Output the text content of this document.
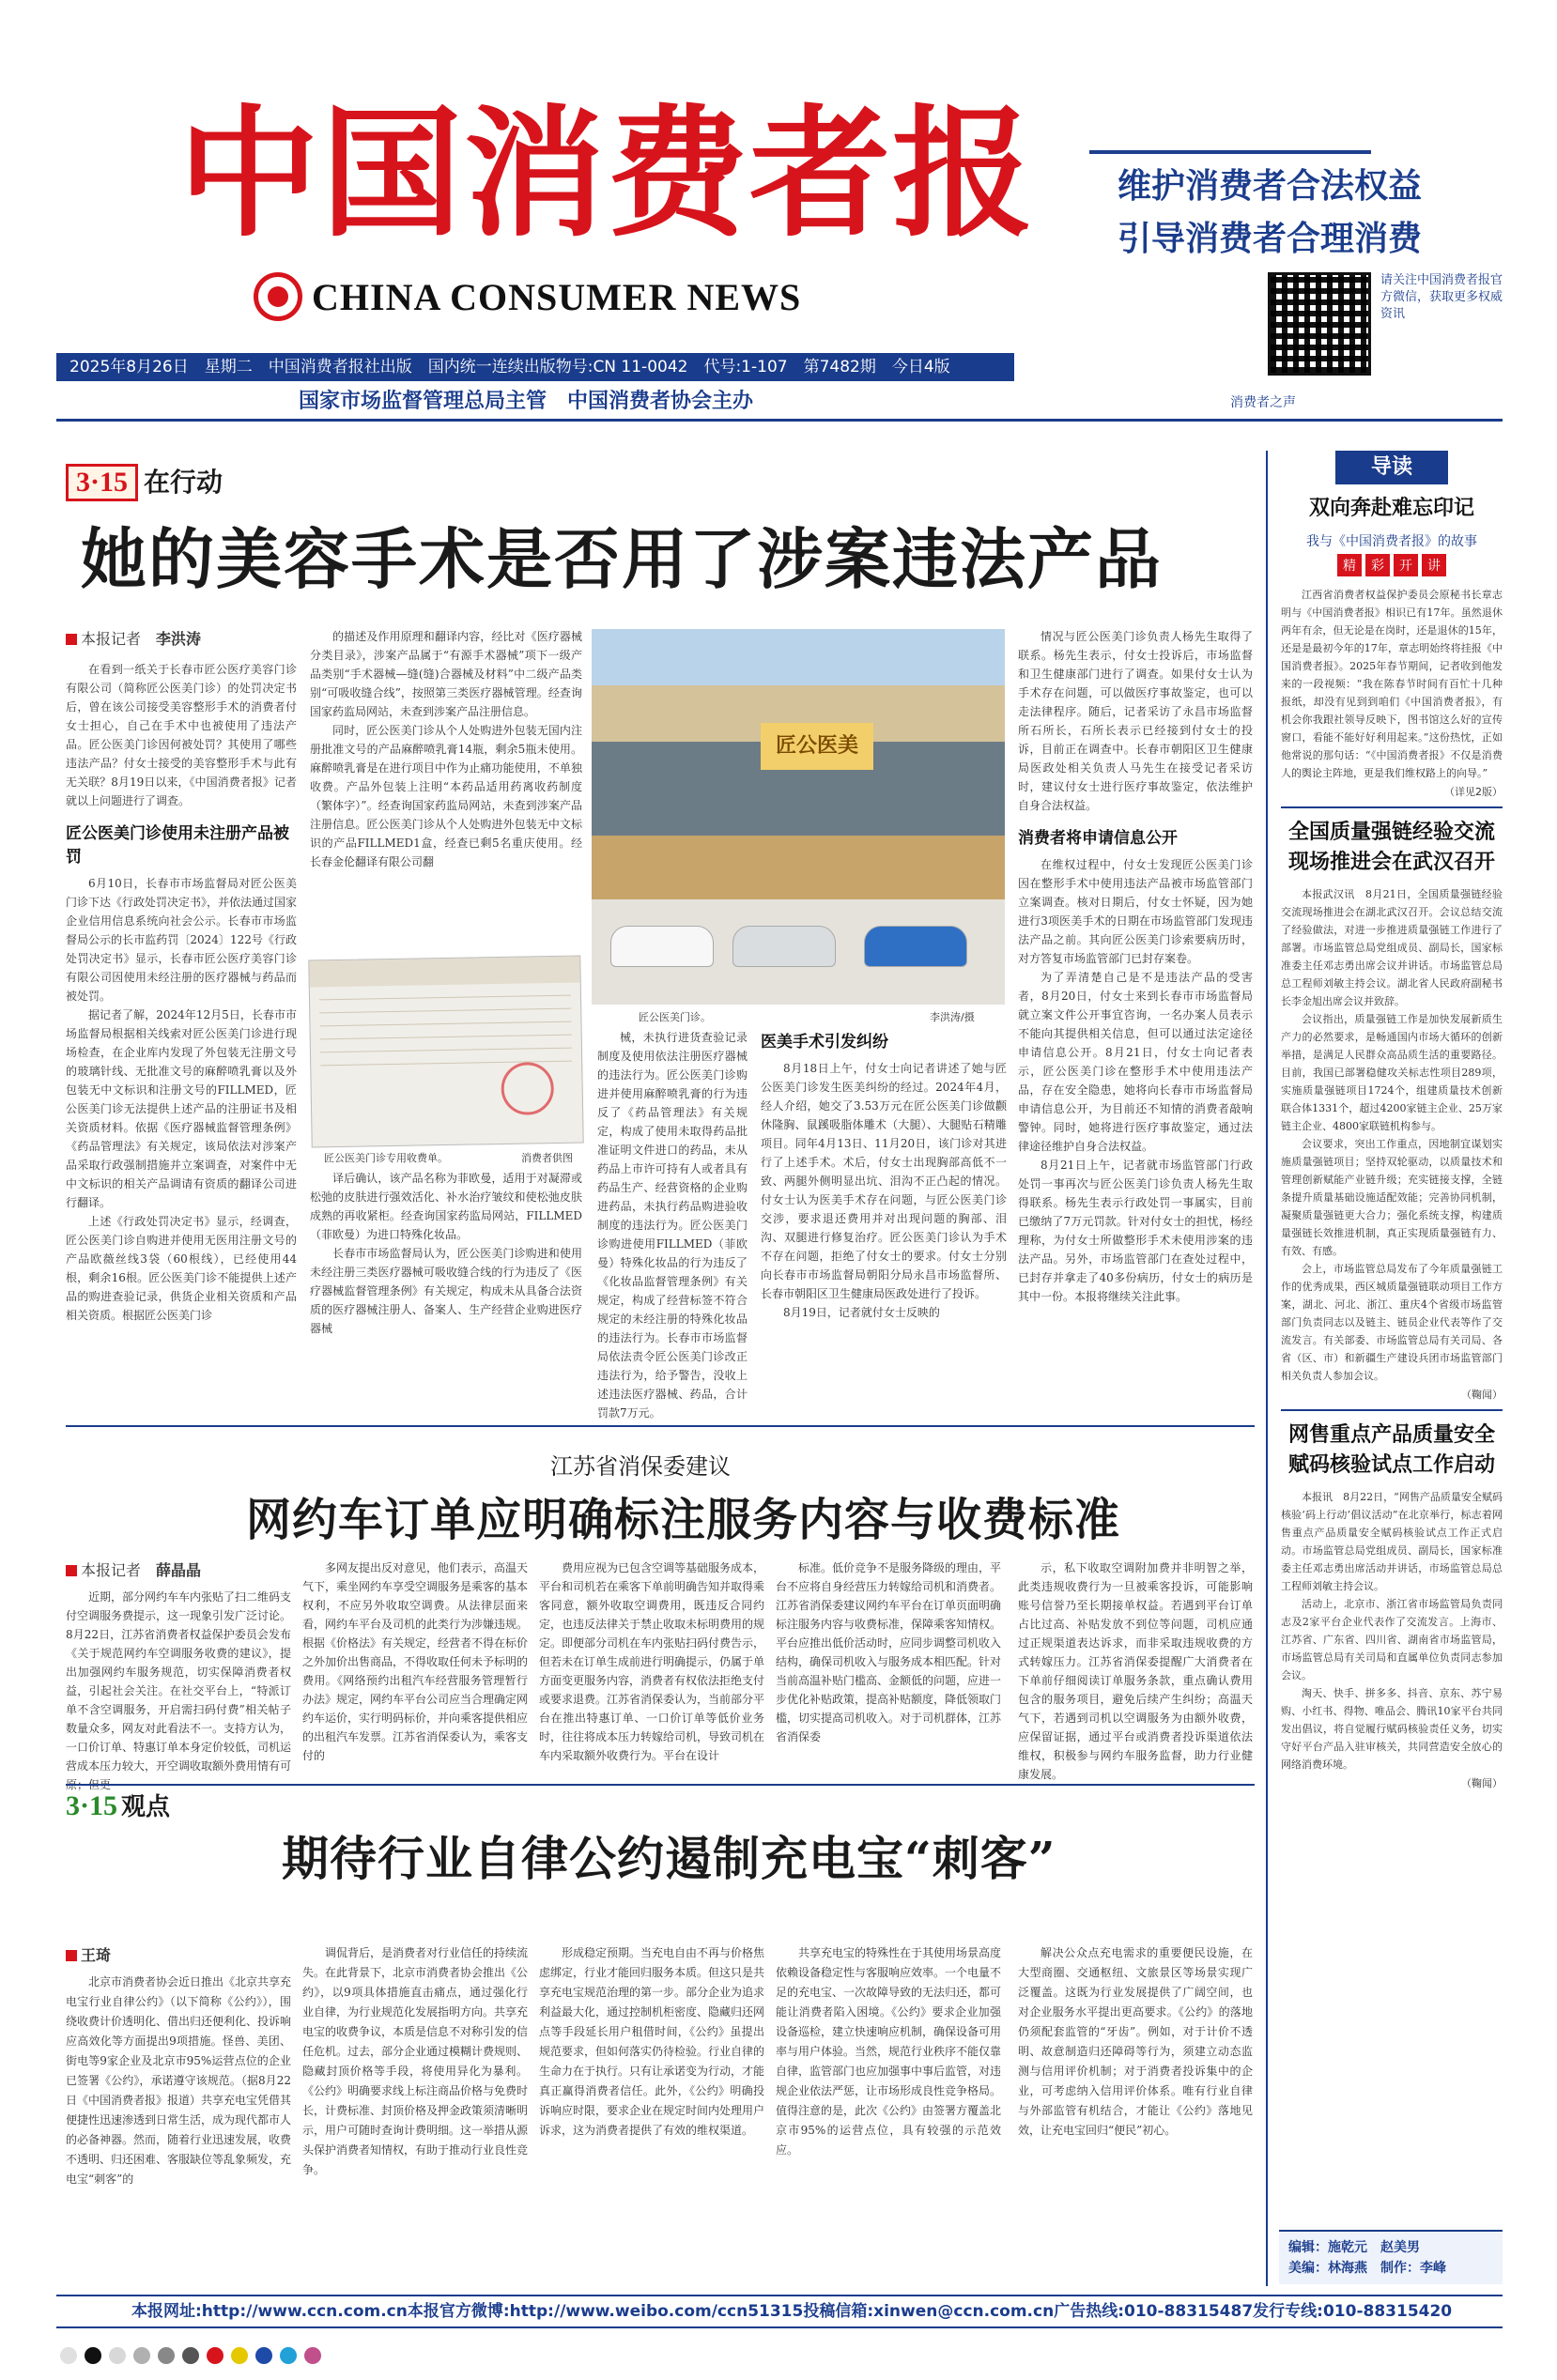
中国消费者报
CHINA CONSUMER NEWS
维护消费者合法权益
引导消费者合理消费
请关注中国消费者报官方微信，获取更多权威资讯
2025年8月26日　星期二　中国消费者报社出版　国内统一连续出版物号:CN 11-0042　代号:1-107　第7482期　今日4版
国家市场监督管理总局主管　中国消费者协会主办	消费者之声
3·15 在行动
她的美容手术是否用了涉案违法产品
本报记者　 李洪涛

在看到一纸关于长春市匠公医疗美容门诊有限公司（简称匠公医美门诊）的处罚决定书后，曾在该公司接受美容整形手术的消费者付女士担心，自己在手术中也被使用了违法产品。匠公医美门诊因何被处罚？其使用了哪些违法产品？付女士接受的美容整形手术与此有无关联？8月19日以来，《中国消费者报》记者就以上问题进行了调查。

匠公医美门诊使用未注册产品被罚

6月10日，长春市市场监督局对匠公医美门诊下达《行政处罚决定书》，并依法通过国家企业信用信息系统向社会公示。长春市市场监督局公示的长市监药罚〔2024〕122号《行政处罚决定书》显示，长春市匠公医疗美容门诊有限公司因使用未经注册的医疗器械与药品而被处罚。

据记者了解，2024年12月5日，长春市市场监督局根据相关线索对匠公医美门诊进行现场检查，在企业库内发现了外包装无注册文号的玻璃针线、无批准文号的麻醉喷乳膏以及外包装无中文标识和注册文号的FILLMED，匠公医美门诊无法提供上述产品的注册证书及相关资质材料。依据《医疗器械监督管理条例》《药品管理法》有关规定，该局依法对涉案产品采取行政强制措施并立案调查，对案件中无中文标识的相关产品调请有资质的翻译公司进行翻译。

上述《行政处罚决定书》显示，经调查，匠公医美门诊自购进并使用无医用注册文号的产品欧薇丝线3袋（60根线），已经使用44根，剩余16根。匠公医美门诊不能提供上述产品的购进查验记录，供货企业相关资质和产品相关资质。根据匠公医美门诊

的描述及作用原理和翻译内容，经比对《医疗器械分类目录》，涉案产品属于“有源手术器械”项下一级产品类别“手术器械—缝(缝)合器械及材料”中二级产品类别“可吸收缝合线”，按照第三类医疗器械管理。经查询国家药监局网站，未查到涉案产品注册信息。

同时，匠公医美门诊从个人处购进外包装无国内注册批准文号的产品麻醉喷乳膏14瓶，剩余5瓶未使用。麻醉喷乳膏是在进行项目中作为止痛功能使用，不单独收费。产品外包装上注明“本药品适用药离收药制度（繁体字）”。经查询国家药监局网站，未查到涉案产品注册信息。匠公医美门诊从个人处购进外包装无中文标识的产品FILLMED1盒，经查已剩5名重庆使用。经长春金伦翻译有限公司翻

匠公医美
匠公医美门诊。	李洪涛/摄
匠公医美门诊专用收费单。	消费者供图

译后确认，该产品名称为菲欧曼，适用于对凝滞或松弛的皮肤进行强效活化、补水治疗皱纹和使松弛皮肤成熟的再收紧柜。经查询国家药监局网站，FILLMED（菲欧曼）为进口特殊化妆品。

长春市市场监督局认为，匠公医美门诊购进和使用未经注册三类医疗器械可吸收缝合线的行为违反了《医疗器械监督管理条例》有关规定，构成未从具备合法资质的医疗器械注册人、备案人、生产经营企业购进医疗器械

械，未执行进货查验记录制度及使用依法注册医疗器械的违法行为。匠公医美门诊购进并使用麻醉喷乳膏的行为违反了《药品管理法》有关规定，构成了使用未取得药品批准证明文件进口的药品，未从药品上市许可持有人或者具有药品生产、经营资格的企业购进药品，未执行药品购进验收制度的违法行为。匠公医美门诊购进使用FILLMED（菲欧曼）特殊化妆品的行为违反了《化妆品监督管理条例》有关规定，构成了经营标签不符合规定的未经注册的特殊化妆品的违法行为。长春市市场监督局依法责令匠公医美门诊改正违法行为，给予警告，没收上述违法医疗器械、药品，合计罚款7万元。

医美手术引发纠纷

8月18日上午，付女士向记者讲述了她与匠公医美门诊发生医美纠纷的经过。2024年4月，经人介绍，她交了3.53万元在匠公医美门诊做颧休隆胸、鼠蹊吸脂体雕术（大腿）、大腿贴石精雕项目。同年4月13日、11月20日，该门诊对其进行了上述手术。术后，付女士出现胸部高低不一致、两腿外侧明显出坑、泪沟不正凸起的情况。付女士认为医美手术存在问题，与匠公医美门诊交涉，要求退还费用并对出现问题的胸部、泪沟、双腿进行修复治疗。匠公医美门诊认为手术不存在问题，拒绝了付女士的要求。付女士分别向长春市市场监督局朝阳分局永昌市场监督所、长春市朝阳区卫生健康局医政处进行了投诉。

8月19日，记者就付女士反映的

情况与匠公医美门诊负责人杨先生取得了联系。杨先生表示，付女士投诉后，市场监督和卫生健康部门进行了调查。如果付女士认为手术存在问题，可以做医疗事故鉴定，也可以走法律程序。随后，记者采访了永昌市场监督所石所长，石所长表示已经接到付女士的投诉，目前正在调查中。长春市朝阳区卫生健康局医政处相关负责人马先生在接受记者采访时，建议付女士进行医疗事故鉴定，依法维护自身合法权益。

消费者将申请信息公开

在维权过程中，付女士发现匠公医美门诊因在整形手术中使用违法产品被市场监管部门立案调查。核对日期后，付女士怀疑，因为她进行3项医美手术的日期在市场监管部门发现违法产品之前。其向匠公医美门诊索要病历时，对方答复市场监管部门已封存案卷。

为了弄清楚自己是不是违法产品的受害者，8月20日，付女士来到长春市市场监督局就立案文件公开事宜咨询，一名办案人员表示不能向其提供相关信息，但可以通过法定途径申请信息公开。8月21日，付女士向记者表示，匠公医美门诊在整形手术中使用违法产品，存在安全隐患，她将向长春市市场监督局申请信息公开，为目前还不知情的消费者敲响警钟。同时，她将进行医疗事故鉴定，通过法律途径维护自身合法权益。

8月21日上午，记者就市场监管部门行政处罚一事再次与匠公医美门诊负责人杨先生取得联系。杨先生表示行政处罚一事属实，目前已缴纳了7万元罚款。针对付女士的担忧，杨经理称，为付女士所做整形手术未使用涉案的违法产品。另外，市场监管部门在查处过程中，已封存并拿走了40多份病历，付女士的病历是其中一份。本报将继续关注此事。

江苏省消保委建议
网约车订单应明确标注服务内容与收费标准
本报记者　 薛晶晶

近期，部分网约车车内张贴了扫二维码支付空调服务费提示，这一现象引发广泛讨论。8月22日，江苏省消费者权益保护委员会发布《关于规范网约车空调服务收费的建议》，提出加强网约车服务规范，切实保障消费者权益，引起社会关注。在社交平台上，“特派订单不含空调服务，开启需扫码付费”相关帖子数量众多，网友对此看法不一。支持方认为，一口价订单、特惠订单本身定价较低，司机运营成本压力较大，开空调收取额外费用情有可原；但更

多网友提出反对意见，他们表示，高温天气下，乘坐网约车享受空调服务是乘客的基本权利，不应另外收取空调费。从法律层面来看，网约车平台及司机的此类行为涉嫌违规。根据《价格法》有关规定，经营者不得在标价之外加价出售商品，不得收取任何未予标明的费用。《网络预约出租汽车经营服务管理暂行办法》规定，网约车平台公司应当合理确定网约车运价，实行明码标价，并向乘客提供相应的出租汽车发票。江苏省消保委认为，乘客支付的

费用应视为已包含空调等基础服务成本，平台和司机若在乘客下单前明确告知并取得乘客同意，额外收取空调费用，既违反合同约定，也违反法律关于禁止收取未标明费用的规定。即便部分司机在车内张贴扫码付费告示，但若未在订单生成前进行明确提示，仍属于单方面变更服务内容，消费者有权依法拒绝支付或要求退费。江苏省消保委认为，当前部分平台在推出特惠订单、一口价订单等低价业务时，往往将成本压力转嫁给司机，导致司机在车内采取额外收费行为。平台在设计

标准。低价竞争不是服务降级的理由，平台不应将自身经营压力转嫁给司机和消费者。江苏省消保委建议网约车平台在订单页面明确标注服务内容与收费标准，保障乘客知情权。平台应推出低价活动时，应同步调整司机收入结构，确保司机收入与服务成本相匹配。针对当前高温补贴门槛高、金额低的问题，应进一步优化补贴政策，提高补贴额度，降低领取门槛，切实提高司机收入。对于司机群体，江苏省消保委

示，私下收取空调附加费并非明智之举，此类违规收费行为一旦被乘客投诉，可能影响账号信誉乃至长期接单权益。若遇到平台订单占比过高、补贴发放不到位等问题，司机应通过正规渠道表达诉求，而非采取违规收费的方式转嫁压力。江苏省消保委提醒广大消费者在下单前仔细阅读订单服务条款，重点确认费用包含的服务项目，避免后续产生纠纷；高温天气下，若遇到司机以空调服务为由额外收费，应保留证据，通过平台或消费者投诉渠道依法维权，积极参与网约车服务监督，助力行业健康发展。

3·15 观点
期待行业自律公约遏制充电宝“刺客”
王琦

北京市消费者协会近日推出《北京共享充电宝行业自律公约》（以下简称《公约》），围绕收费计价透明化、借出归还便利化、投诉响应高效化等方面提出9项措施。怪兽、美团、街电等9家企业及北京市95%运营点位的企业已签署《公约》，承诺遵守该规范。（据8月22日《中国消费者报》报道）共享充电宝凭借其便捷性迅速渗透到日常生活，成为现代都市人的必备神器。然而，随着行业迅速发展，收费不透明、归还困难、客服缺位等乱象频发，充电宝“刺客”的

调侃背后，是消费者对行业信任的持续流失。在此背景下，北京市消费者协会推出《公约》，以9项具体措施直击痛点，通过强化行业自律，为行业规范化发展指明方向。共享充电宝的收费争议，本质是信息不对称引发的信任危机。过去，部分企业通过模糊计费规则、隐藏封顶价格等手段，将使用异化为暴利。《公约》明确要求线上标注商品价格与免费时长，计费标准、封顶价格及押金政策须清晰明示，用户可随时查询计费明细。这一举措从源头保护消费者知情权，有助于推动行业良性竞争。

形成稳定预期。当充电自由不再与价格焦虑绑定，行业才能回归服务本质。但这只是共享充电宝规范治理的第一步。部分企业为追求利益最大化，通过控制机柜密度、隐藏归还网点等手段延长用户租借时间，《公约》虽提出规范要求，但如何落实仍待检验。行业自律的生命力在于执行。只有让承诺变为行动，才能真正赢得消费者信任。此外，《公约》明确投诉响应时限，要求企业在规定时间内处理用户诉求，这为消费者提供了有效的维权渠道。

共享充电宝的特殊性在于其使用场景高度依赖设备稳定性与客服响应效率。一个电量不足的充电宝、一次故障导致的无法归还，都可能让消费者陷入困境。《公约》要求企业加强设备巡检，建立快速响应机制，确保设备可用率与用户体验。当然，规范行业秩序不能仅靠自律，监管部门也应加强事中事后监管，对违规企业依法严惩，让市场形成良性竞争格局。值得注意的是，此次《公约》由签署方覆盖北京市95%的运营点位，具有较强的示范效应。

解决公众点充电需求的重要便民设施，在大型商圈、交通枢纽、文旅景区等场景实现广泛覆盖。这既为行业发展提供了广阔空间，也对企业服务水平提出更高要求。《公约》的落地仍须配套监管的“牙齿”。例如，对于计价不透明、故意制造归还障碍等行为，须建立动态监测与信用评价机制；对于消费者投诉集中的企业，可考虑纳入信用评价体系。唯有行业自律与外部监管有机结合，才能让《公约》落地见效，让充电宝回归“便民”初心。

导读
双向奔赴难忘印记
我与《中国消费者报》的故事
精 彩 开 讲

江西省消费者权益保护委员会原秘书长章志明与《中国消费者报》相识已有17年。虽然退休两年有余，但无论是在岗时，还是退休的15年，还是是最初今年的17年，章志明始终将挂报《中国消费者报》。2025年春节期间，记者收到他发来的一段视频：“我在陈春节时间有百忙十几种报纸，却没有见到到咱们《中国消费者报》，有机会你我跟社领导反映下，图书馆这么好的宣传窗口，看能不能好好利用起来。”这份热忱，正如他常说的那句话：“《中国消费者报》不仅是消费人的舆论主阵地，更是我们维权路上的向导。”

（详见2版）
全国质量强链经验交流现场推进会在武汉召开

本报武汉讯　8月21日，全国质量强链经验交流现场推进会在湖北武汉召开。会议总结交流了经验做法，对进一步推进质量强链工作进行了部署。市场监管总局党组成员、副局长，国家标准委主任邓志勇出席会议并讲话。市场监管总局总工程师刘敏主持会议。湖北省人民政府副秘书长李金旭出席会议并致辞。

会议指出，质量强链工作是加快发展新质生产力的必然要求，是畅通国内市场大循环的创新举措，是满足人民群众高品质生活的重要路径。目前，我国已部署稳健攻关标志性项目289项，实施质量强链项目1724个，组建质量技术创新联合体1331个，超过4200家链主企业、25万家链主企业、4800家联链机构参与。

会议要求，突出工作重点，因地制宜谋划实施质量强链项目；坚持双轮驱动，以质量技术和管理创新赋能产业链升级；充实链接支撑，全链条提升质量基础设施适配效能；完善协同机制，凝聚质量强链更大合力；强化系统支撑，构建质量强链长效推进机制，真正实现质量强链有力、有效、有感。

会上，市场监管总局发布了今年质量强链工作的优秀成果，西区城质量强链联动项目工作方案，湖北、河北、浙江、重庆4个省级市场监管部门负责同志以及链主、链员企业代表等作了交流发言。有关部委、市场监管总局有关司局、各省（区、市）和新疆生产建设兵团市场监管部门相关负责人参加会议。

（鞠闻）
网售重点产品质量安全赋码核验试点工作启动

本报讯　8月22日，“网售产品质量安全赋码核验‘码上行动’倡议活动”在北京举行，标志着网售重点产品质量安全赋码核验试点工作正式启动。市场监管总局党组成员、副局长，国家标准委主任邓志勇出席活动并讲话，市场监管总局总工程师刘敏主持会议。

活动上，北京市、浙江省市场监管局负责同志及2家平台企业代表作了交流发言。上海市、江苏省、广东省、四川省、湖南省市场监管局，市场监管总局有关司局和直属单位负责同志参加会议。

淘天、快手、拼多多、抖音、京东、苏宁易购、小红书、得物、唯品会、腾讯10家平台共同发出倡议，将自觉履行赋码核验责任义务，切实守好平台产品入驻审核关，共同营造安全放心的网络消费环境。

（鞠闻）
编辑：施乾元　赵美男
美编：林海燕　制作：李峰
本报网址:http://www.ccn.com.cn 本报官方微博:http://www.weibo.com/ccn51315 投稿信箱:xinwen@ccn.com.cn 广告热线:010-88315487 发行专线:010-88315420
